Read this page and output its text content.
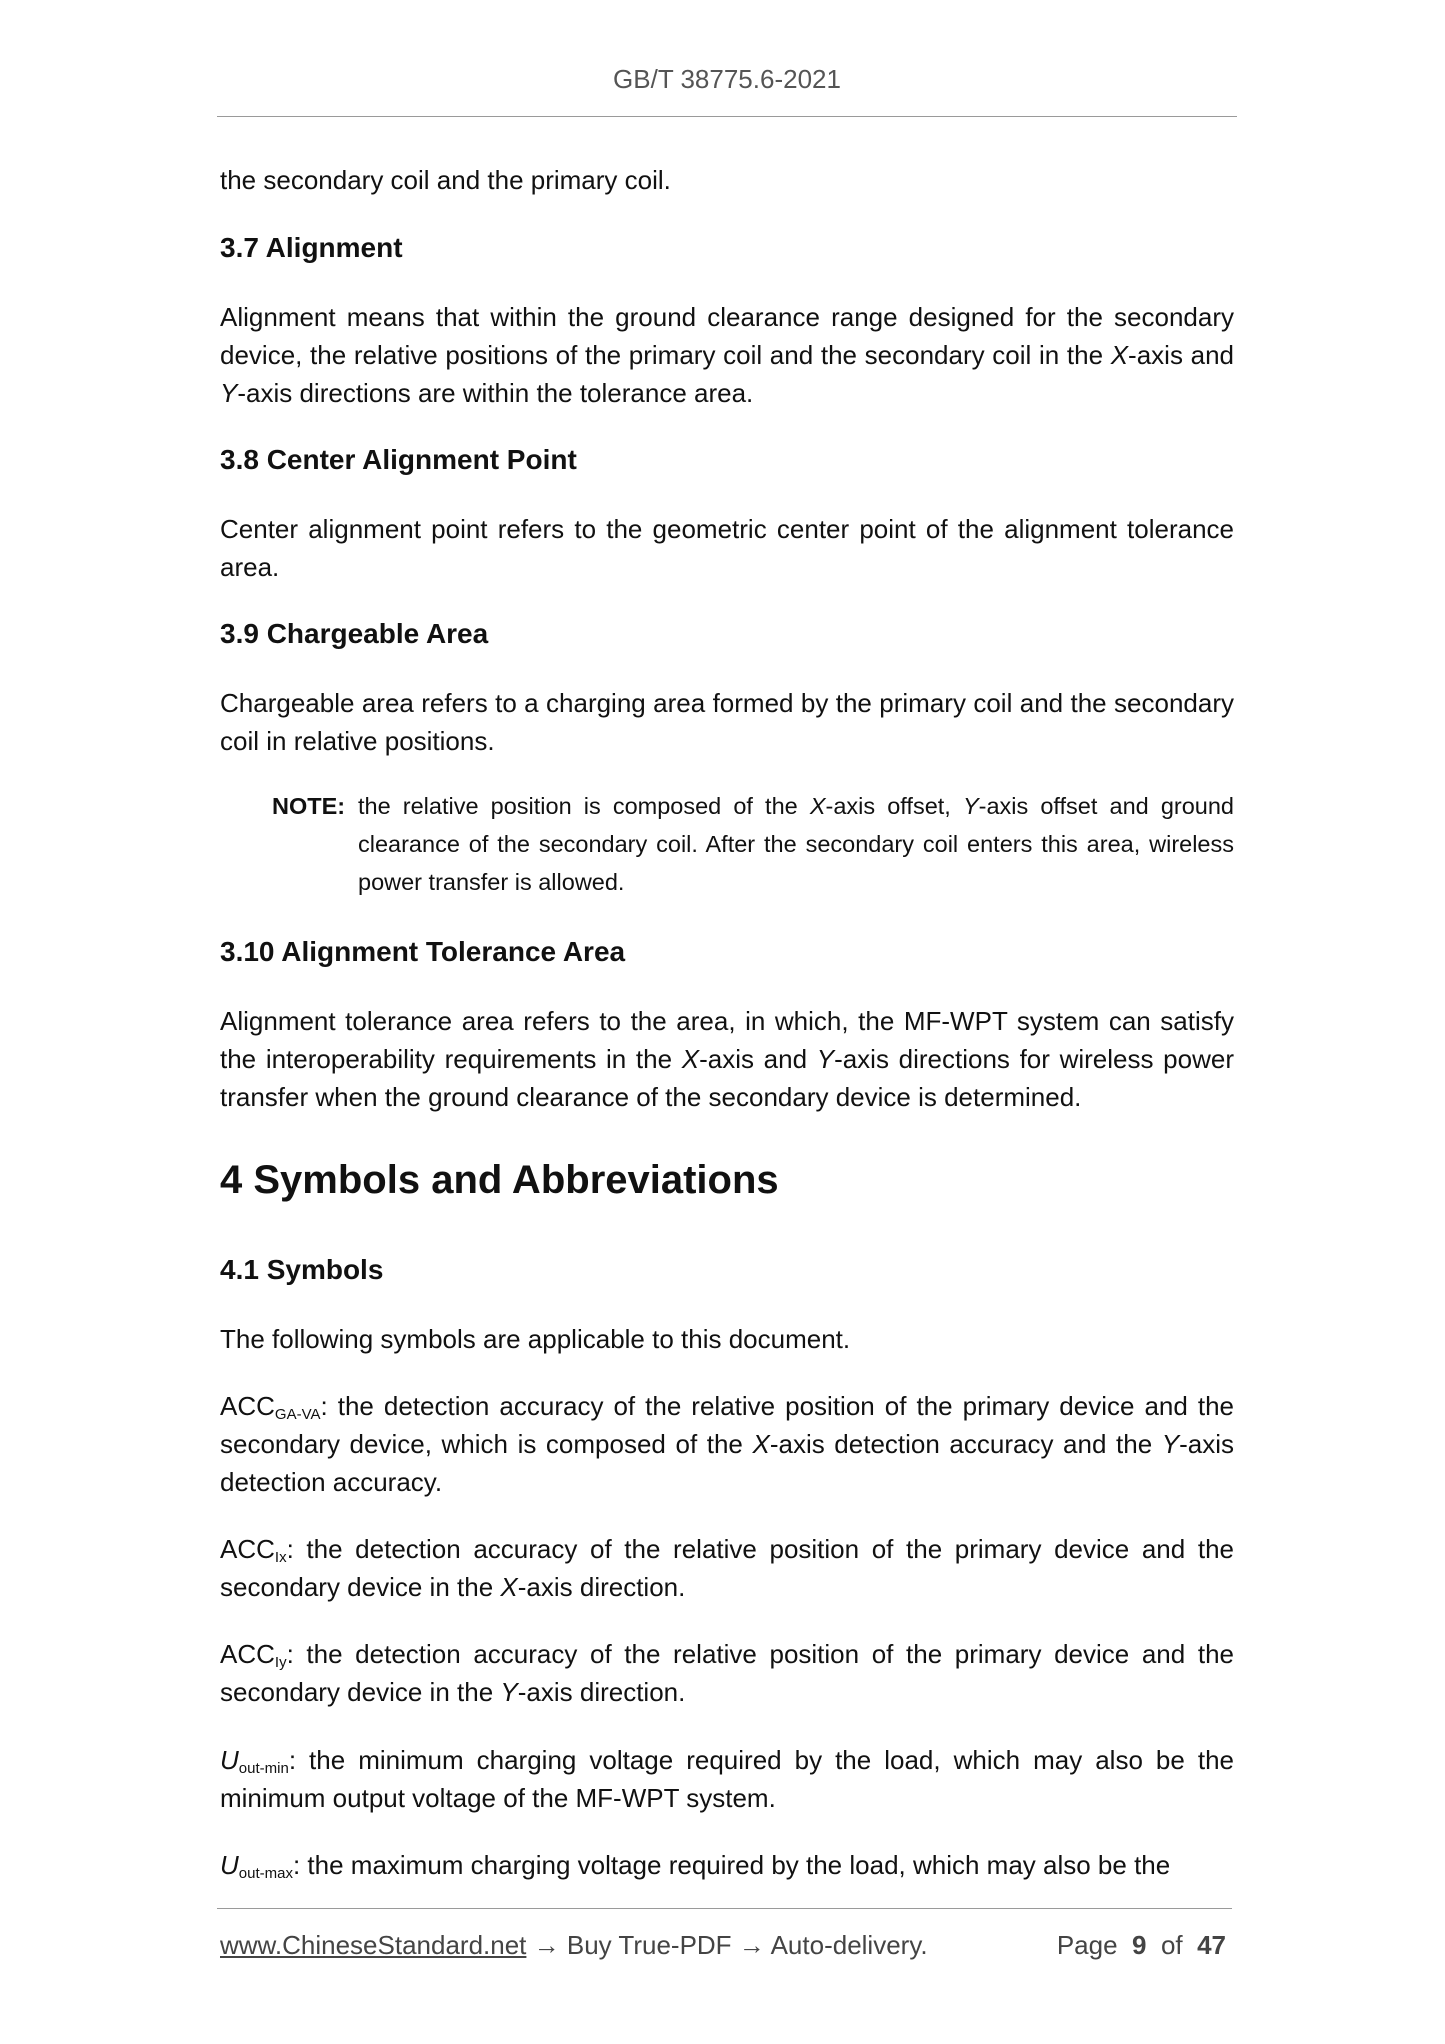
GB/T 38775.6-2021

the secondary coil and the primary coil.

3.7 Alignment

Alignment means that within the ground clearance range designed for the secondary device, the relative positions of the primary coil and the secondary coil in the X-axis and Y-axis directions are within the tolerance area.

3.8 Center Alignment Point

Center alignment point refers to the geometric center point of the alignment tolerance area.

3.9 Chargeable Area

Chargeable area refers to a charging area formed by the primary coil and the secondary coil in relative positions.

NOTE: the relative position is composed of the X-axis offset, Y-axis offset and ground clearance of the secondary coil. After the secondary coil enters this area, wireless power transfer is allowed.
3.10 Alignment Tolerance Area

Alignment tolerance area refers to the area, in which, the MF-WPT system can satisfy the interoperability requirements in the X-axis and Y-axis directions for wireless power transfer when the ground clearance of the secondary device is determined.

4 Symbols and Abbreviations
4.1 Symbols

The following symbols are applicable to this document.

$ACC_{GA-VA}$: the detection accuracy of the relative position of the primary device and the secondary device, which is composed of the X-axis detection accuracy and the Y-axis detection accuracy.

$ACC_{Ix}$: the detection accuracy of the relative position of the primary device and the secondary device in the X-axis direction.

$ACC_{Iy}$: the detection accuracy of the relative position of the primary device and the secondary device in the Y-axis direction.

$U_{out-min}$: the minimum charging voltage required by the load, which may also be the minimum output voltage of the MF-WPT system.

$U_{out-max}$: the maximum charging voltage required by the load, which may also be the

www.ChineseStandard.net → Buy True-PDF → Auto-delivery.	Page 9 of 47
